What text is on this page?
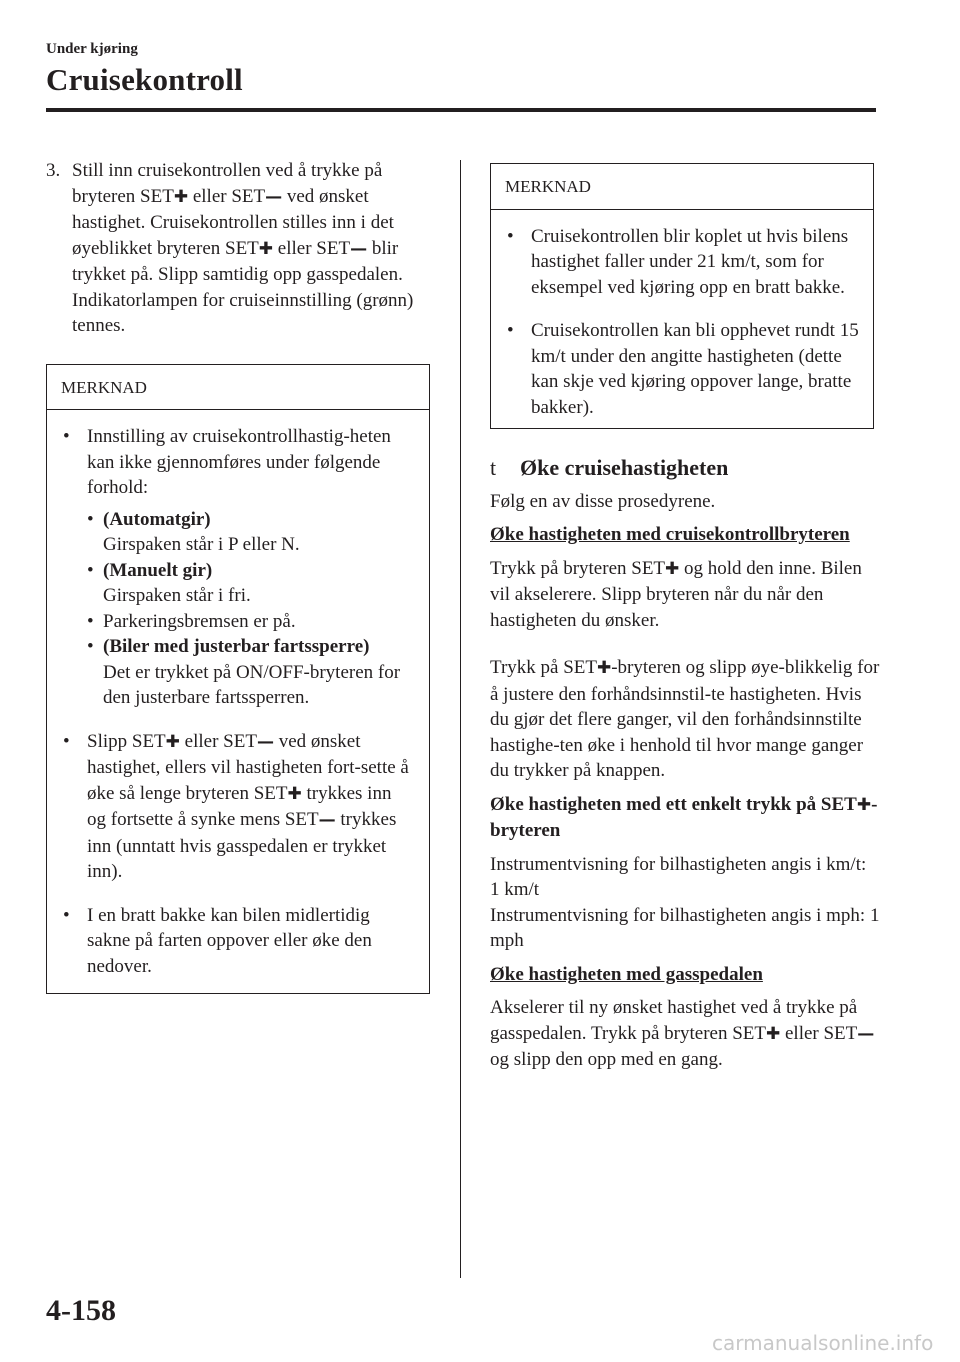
Under kjøring
Cruisekontroll
3. Still inn cruisekontrollen ved å trykke på bryteren SET✚ eller SET— ved ønsket hastighet. Cruisekontrollen stilles inn i det øyeblikket bryteren SET✚ eller SET— blir trykket på. Slipp samtidig opp gasspedalen. Indikatorlampen for cruiseinnstilling (grønn) tennes.
MERKNAD
• Innstilling av cruisekontrollhastig-heten kan ikke gjennomføres under følgende forhold:
• (Automatgir)
Girspaken står i P eller N.
• (Manuelt gir)
Girspaken står i fri.
• Parkeringsbremsen er på.
• (Biler med justerbar fartssperre)
Det er trykket på ON/OFF-bryteren for den justerbare fartssperren.
• Slipp SET✚ eller SET— ved ønsket hastighet, ellers vil hastigheten fort-sette å øke så lenge bryteren SET✚ trykkes inn og fortsette å synke mens SET— trykkes inn (unntatt hvis gasspedalen er trykket inn).
• I en bratt bakke kan bilen midlertidig sakne på farten oppover eller øke den nedover.
MERKNAD
• Cruisekontrollen blir koplet ut hvis bilens hastighet faller under 21 km/t, som for eksempel ved kjøring opp en bratt bakke.
• Cruisekontrollen kan bli opphevet rundt 15 km/t under den angitte hastigheten (dette kan skje ved kjøring oppover lange, bratte bakker).
t Øke cruisehastigheten
Følg en av disse prosedyrene.
Øke hastigheten med cruisekontrollbryteren
Trykk på bryteren SET✚ og hold den inne. Bilen vil akselerere. Slipp bryteren når du når den hastigheten du ønsker.
Trykk på SET✚-bryteren og slipp øye-blikkelig for å justere den forhåndsinnstil-te hastigheten. Hvis du gjør det flere ganger, vil den forhåndsinnstilte hastighe-ten øke i henhold til hvor mange ganger du trykker på knappen.
Øke hastigheten med ett enkelt trykk på SET✚-bryteren
Instrumentvisning for bilhastigheten angis i km/t: 1 km/t
Instrumentvisning for bilhastigheten angis i mph: 1 mph
Øke hastigheten med gasspedalen
Akselerer til ny ønsket hastighet ved å trykke på gasspedalen. Trykk på bryteren SET✚ eller SET— og slipp den opp med en gang.
4-158
carmanualsonline.info
